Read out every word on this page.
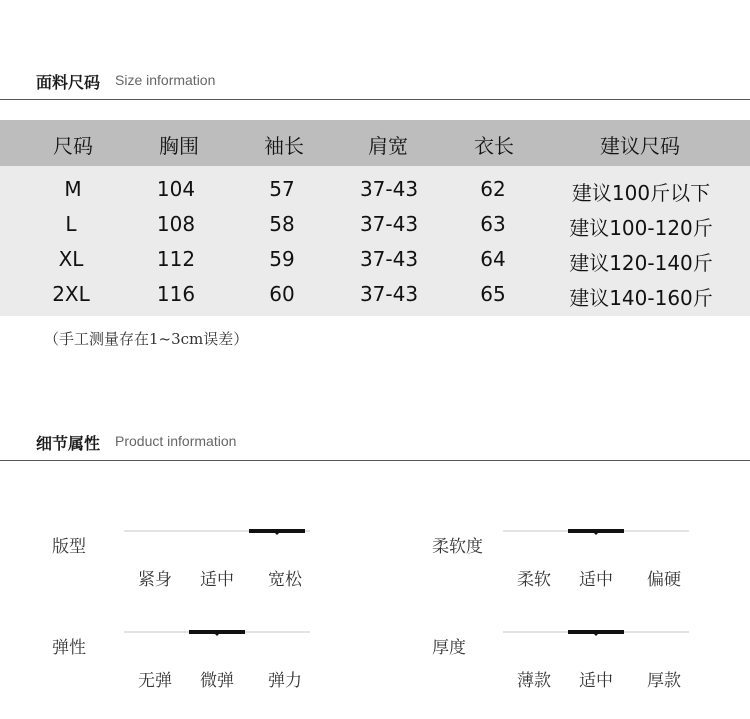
面料尺码 Size information
尺码	胸围	袖长	肩宽	衣长	建议尺码
M	104	57	37-43	62	建议100斤以下
L	108	58	37-43	63	建议100-120斤
XL	112	59	37-43	64	建议120-140斤
2XL	116	60	37-43	65	建议140-160斤
（手工测量存在1~3cm误差）
细节属性 Product information
版型
紧身 适中 宽松
柔软度
柔软 适中 偏硬
弹性
无弹 微弹 弹力
厚度
薄款 适中 厚款
